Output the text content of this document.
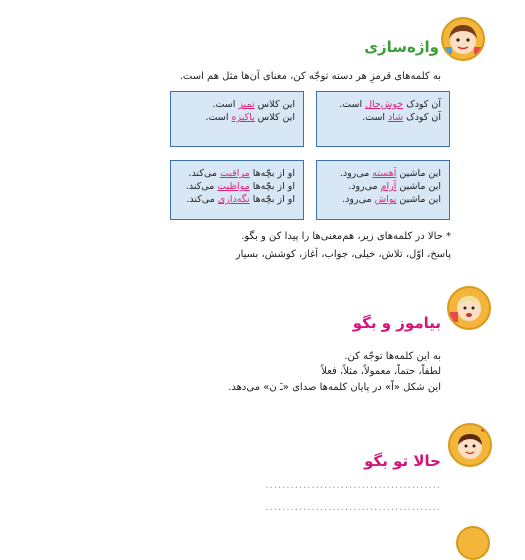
واژه‌سازی
به کلمه‌های قرمزِ هر دسته توجّه کن، معنای آن‌ها مثل هم است.
آن کودک خوش‌حال است.
آن کودک شاد است.
این کلاس تمیز است.
این کلاس پاکیزه است.
این ماشین آهسته می‌رود.
این ماشین آرام می‌رود.
این ماشین یواش می‌رود.
او از بچّه‌ها مراقبت می‌کند.
او از بچّه‌ها مواظبت می‌کند.
او از بچّه‌ها نگه‌داری می‌کند.
* حالا در کلمه‌های زیر، هم‌معنی‌ها را پیدا کن و بگو.
پاسخ، اوّل، تلاش، خیلی، جواب، آغاز، کوشش، بسیار
بیاموز و بگو
به این کلمه‌ها توجّه کن.
لطفاً، حتماً، معمولاً، مثلاً، فعلاً
این شکل «اً» در پایان کلمه‌ها صدای «ـَ ن» می‌دهد.
حالا تو بگو
..........................................
..........................................
